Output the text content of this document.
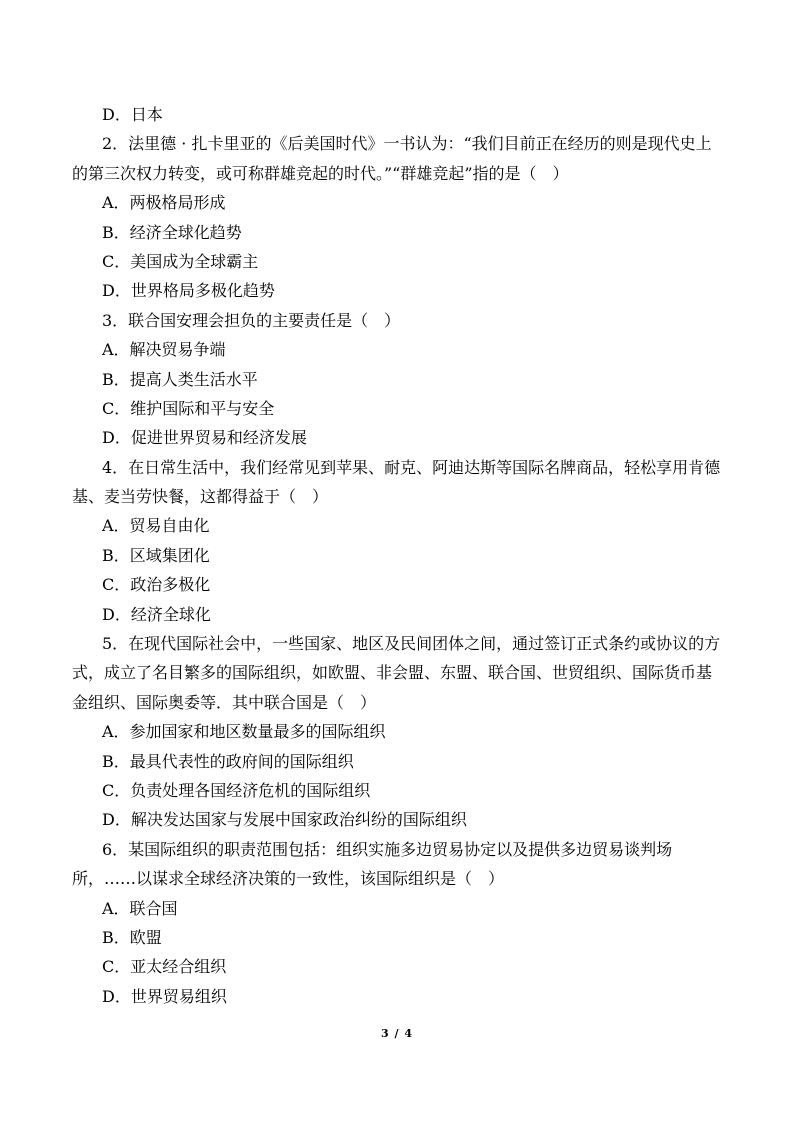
D．日本
2．法里德 · 扎卡里亚的《后美国时代》一书认为：“我们目前正在经历的则是现代史上
的第三次权力转变，或可称群雄竞起的时代。”“群雄竞起”指的是（　）
A．两极格局形成
B．经济全球化趋势
C．美国成为全球霸主
D．世界格局多极化趋势
3．联合国安理会担负的主要责任是（　）
A．解决贸易争端
B．提高人类生活水平
C．维护国际和平与安全
D．促进世界贸易和经济发展
4．在日常生活中，我们经常见到苹果、耐克、阿迪达斯等国际名牌商品，轻松享用肯德
基、麦当劳快餐，这都得益于（　）
A．贸易自由化
B．区域集团化
C．政治多极化
D．经济全球化
5．在现代国际社会中，一些国家、地区及民间团体之间，通过签订正式条约或协议的方
式，成立了名目繁多的国际组织，如欧盟、非会盟、东盟、联合国、世贸组织、国际货币基
金组织、国际奥委等．其中联合国是（　）
A．参加国家和地区数量最多的国际组织
B．最具代表性的政府间的国际组织
C．负责处理各国经济危机的国际组织
D．解决发达国家与发展中国家政治纠纷的国际组织
6．某国际组织的职责范围包括：组织实施多边贸易协定以及提供多边贸易谈判场
所，……以谋求全球经济决策的一致性，该国际组织是（　）
A．联合国
B．欧盟
C．亚太经合组织
D．世界贸易组织
3 / 4
